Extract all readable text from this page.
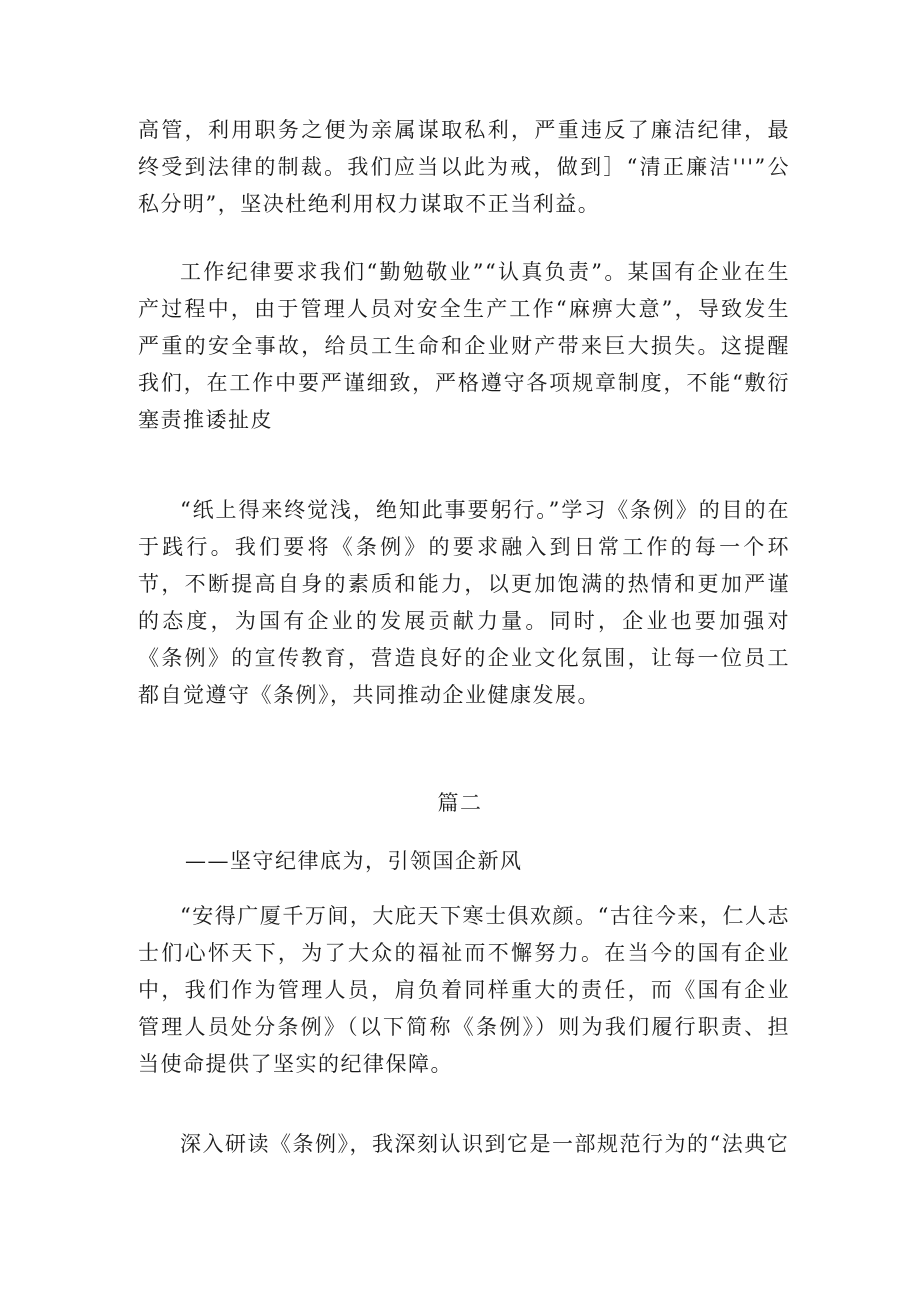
高管，利用职务之便为亲属谋取私利，严重违反了廉洁纪律，最终受到法律的制裁。我们应当以此为戒，做到］“清正廉洁'''”公私分明”，坚决杜绝利用权力谋取不正当利益。

工作纪律要求我们“勤勉敬业”“认真负责”。某国有企业在生产过程中，由于管理人员对安全生产工作“麻痹大意”，导致发生严重的安全事故，给员工生命和企业财产带来巨大损失。这提醒我们，在工作中要严谨细致，严格遵守各项规章制度，不能“敷衍塞责推诿扯皮

“纸上得来终觉浅，绝知此事要躬行。”学习《条例》的目的在于践行。我们要将《条例》的要求融入到日常工作的每一个环节，不断提高自身的素质和能力，以更加饱满的热情和更加严谨的态度，为国有企业的发展贡献力量。同时，企业也要加强对《条例》的宣传教育，营造良好的企业文化氛围，让每一位员工都自觉遵守《条例》，共同推动企业健康发展。

篇二
——坚守纪律底为，引领国企新风

“安得广厦千万间，大庇天下寒士俱欢颜。“古往今来，仁人志士们心怀天下，为了大众的福祉而不懈努力。在当今的国有企业中，我们作为管理人员，肩负着同样重大的责任，而《国有企业管理人员处分条例》（以下简称《条例》）则为我们履行职责、担当使命提供了坚实的纪律保障。

深入研读《条例》，我深刻认识到它是一部规范行为的“法典它
